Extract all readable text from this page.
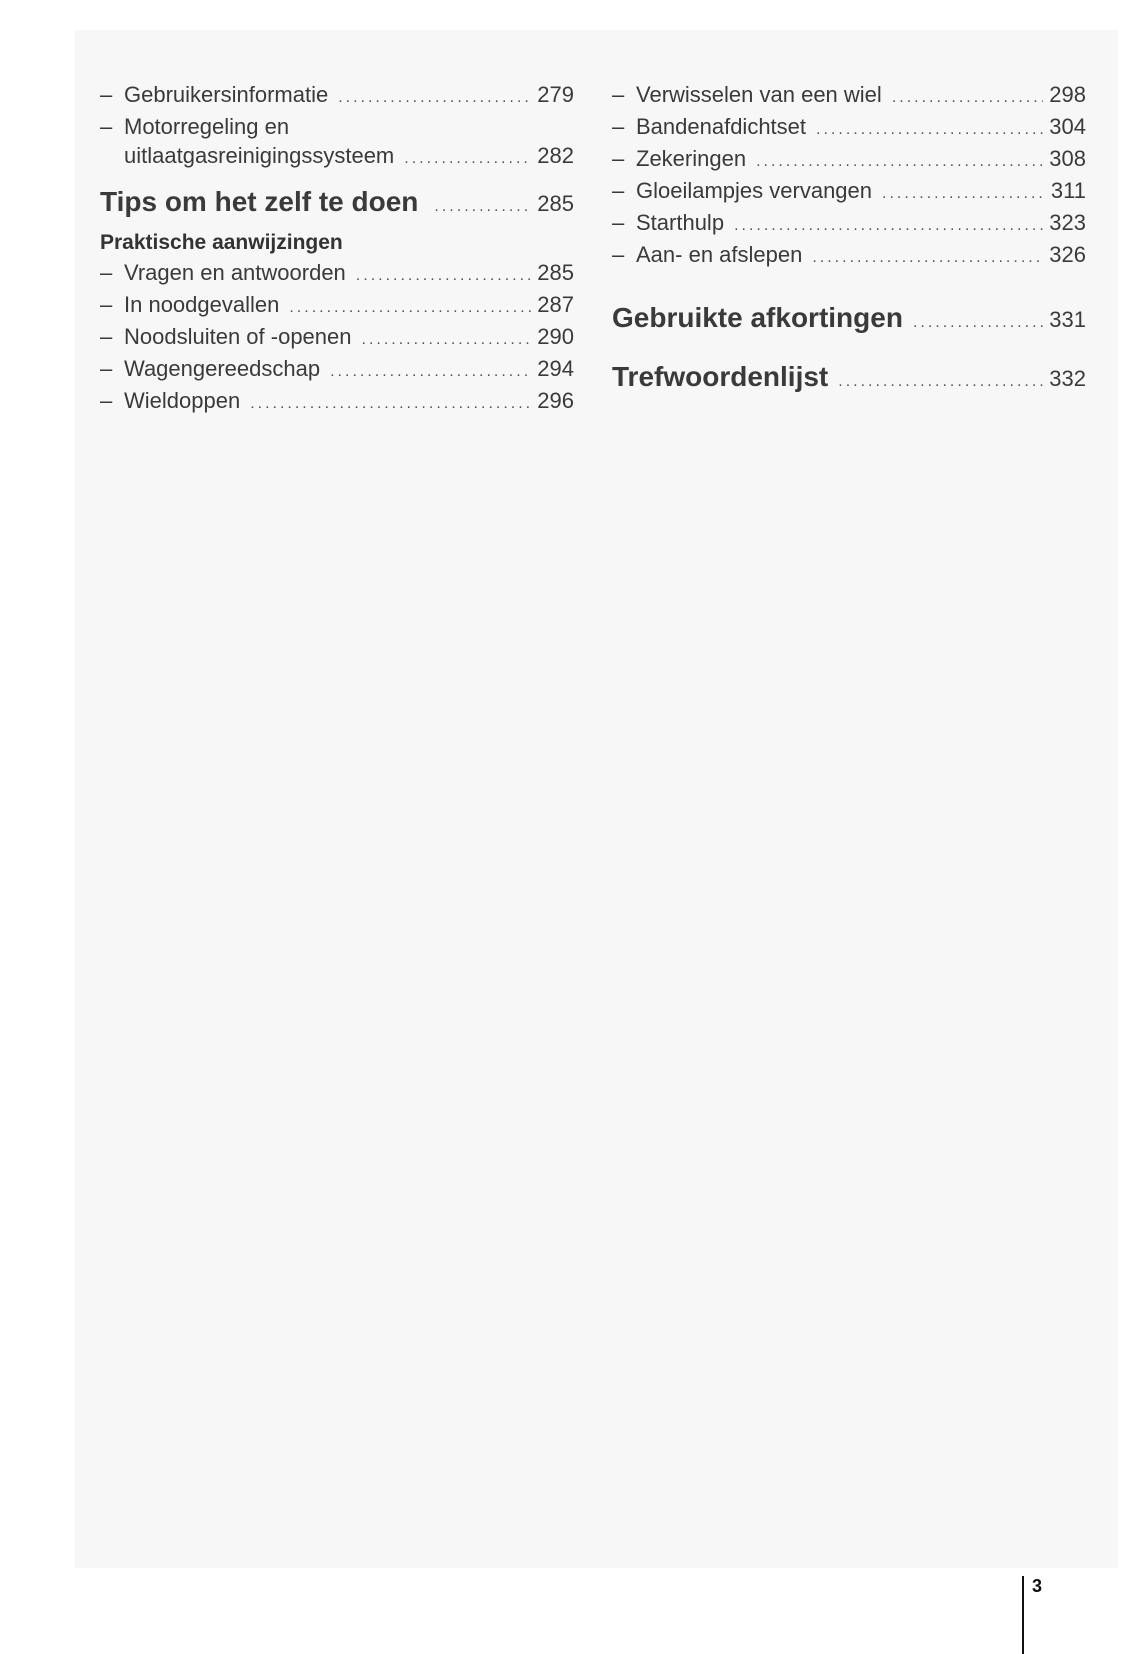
– Gebruikersinformatie .....	279
– Motorregeling en
uitlaatgasreinigingssysteem .....	282
Tips om het zelf te doen .....	285
Praktische aanwijzingen
– Vragen en antwoorden .....	285
– In noodgevallen .....	287
– Noodsluiten of -openen .....	290
– Wagengereedschap .....	294
– Wieldoppen .....	296
– Verwisselen van een wiel .....	298
– Bandenafdichtset .....	304
– Zekeringen .....	308
– Gloeilampjes vervangen .....	311
– Starthulp .....	323
– Aan- en afslepen .....	326
Gebruikte afkortingen .....	331
Trefwoordenlijst .....	332
3
